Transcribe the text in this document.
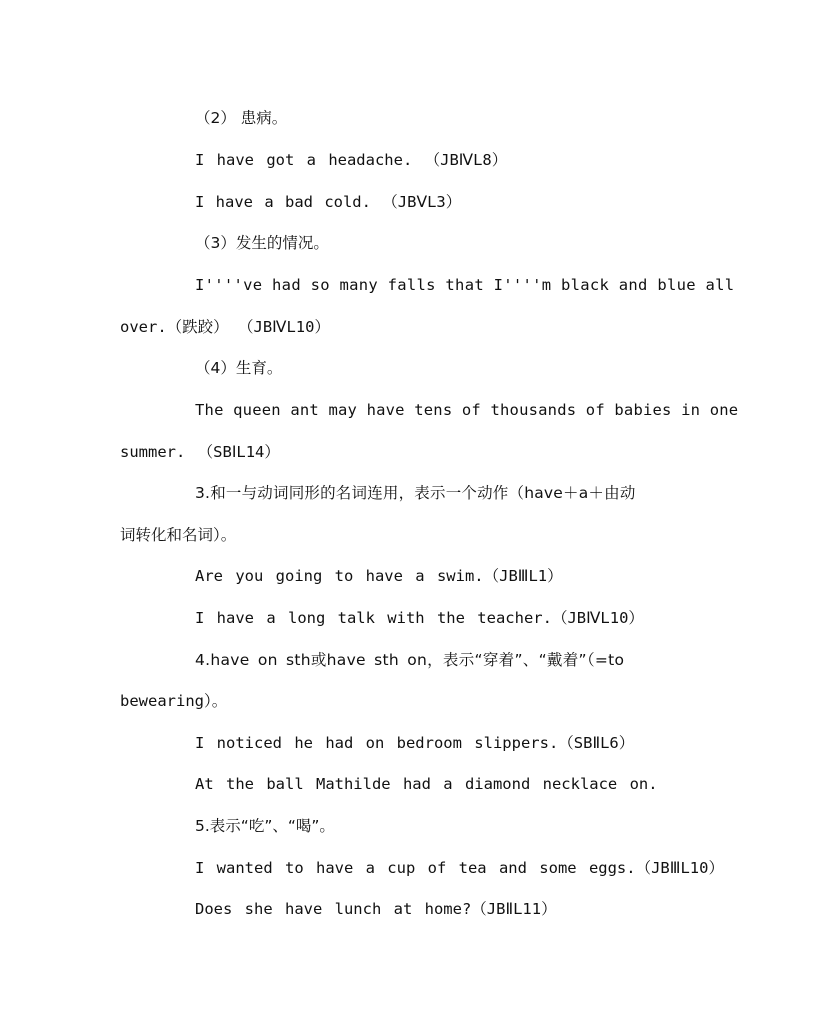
（2） 患病。
I have got a headache. （JBⅣL8）
I have a bad cold. （JBⅤL3）
（3）发生的情况。
I''''ve had so many falls that I''''m black and blue all
over.（跌跤） （JBⅣL10）
（4）生育。
The queen ant may have tens of thousands of babies in one
summer. （SBⅠL14）
3.和一与动词同形的名词连用，表示一个动作（have＋a＋由动
词转化和名词）。
Are you going to have a swim.（JBⅢL1）
I have a long talk with the teacher.（JBⅣL10）
4.have on sth或have sth on，表示“穿着”、“戴着”（=to
bewearing）。
I noticed he had on bedroom slippers.（SBⅡL6）
At the ball Mathilde had a diamond necklace on.
5.表示“吃”、“喝”。
I wanted to have a cup of tea and some eggs.（JBⅢL10）
Does she have lunch at home?（JBⅡL11）
